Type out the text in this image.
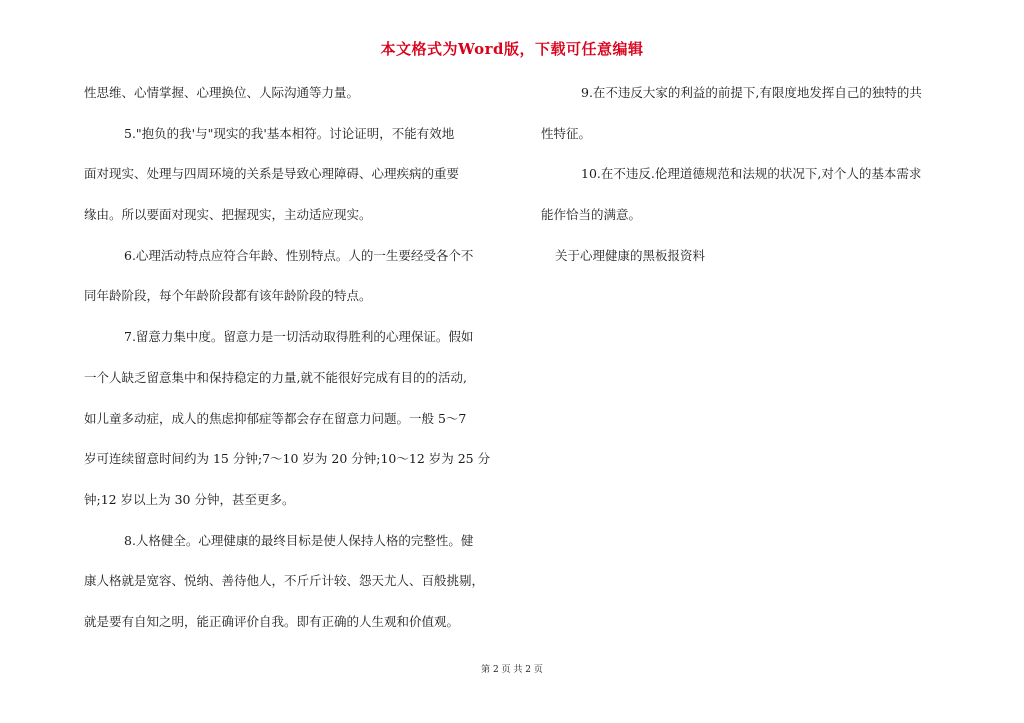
本文格式为Word版，下载可任意编辑
性思维、心情掌握、心理换位、人际沟通等力量。
5."抱负的我'与"现实的我'基本相符。讨论证明，不能有效地
面对现实、处理与四周环境的关系是导致心理障碍、心理疾病的重要
缘由。所以要面对现实、把握现实，主动适应现实。
6.心理活动特点应符合年龄、性别特点。人的一生要经受各个不
同年龄阶段，每个年龄阶段都有该年龄阶段的特点。
7.留意力集中度。留意力是一切活动取得胜利的心理保证。假如
一个人缺乏留意集中和保持稳定的力量,就不能很好完成有目的的活动,
如儿童多动症，成人的焦虑抑郁症等都会存在留意力问题。一般 5～7
岁可连续留意时间约为 15 分钟;7～10 岁为 20 分钟;10～12 岁为 25 分
钟;12 岁以上为 30 分钟，甚至更多。
8.人格健全。心理健康的最终目标是使人保持人格的完整性。健
康人格就是宽容、悦纳、善待他人，不斤斤计较、怨天尤人、百般挑剔，
就是要有自知之明，能正确评价自我。即有正确的人生观和价值观。
9.在不违反大家的利益的前提下,有限度地发挥自己的独特的共
性特征。
10.在不违反.伦理道德规范和法规的状况下,对个人的基本需求
能作恰当的满意。
关于心理健康的黑板报资料
第 2 页 共 2 页
